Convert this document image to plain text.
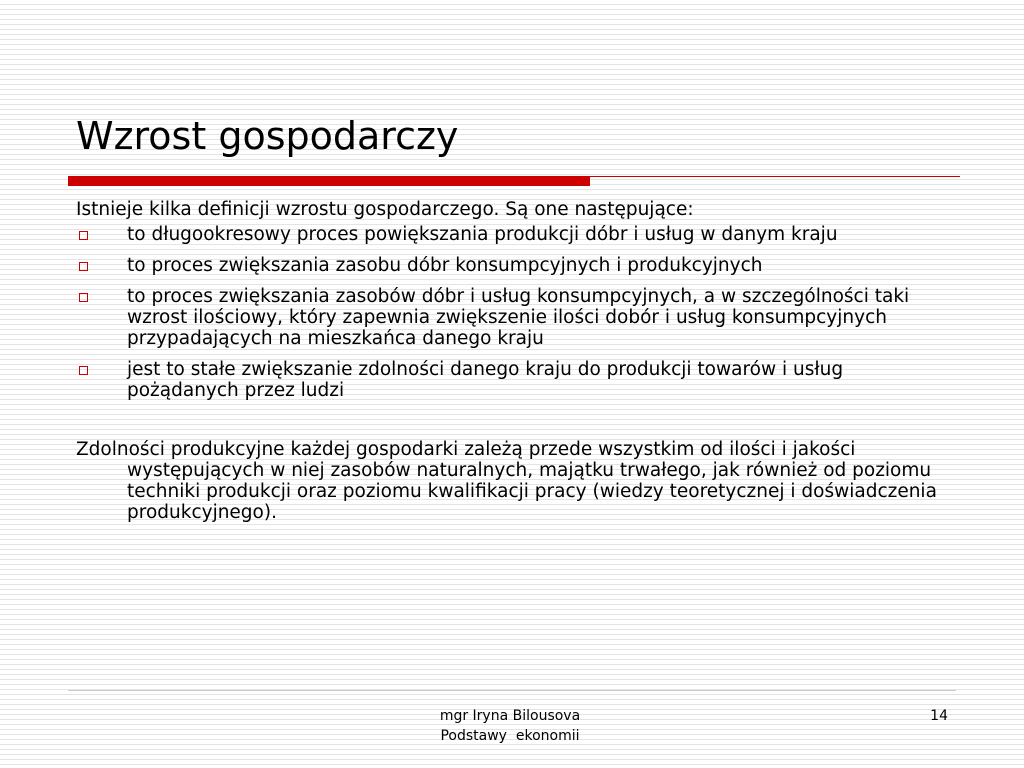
Wzrost gospodarczy

Istnieje kilka definicji wzrostu gospodarczego. Są one następujące:

to długookresowy proces powiększania produkcji dóbr i usług w danym kraju
to proces zwiększania zasobu dóbr konsumpcyjnych i produkcyjnych
to proces zwiększania zasobów dóbr i usług konsumpcyjnych, a w szczególności taki wzrost ilościowy, który zapewnia zwiększenie ilości dobór i usług konsumpcyjnych przypadających na mieszkańca danego kraju
jest to stałe zwiększanie zdolności danego kraju do produkcji towarów i usług pożądanych przez ludzi

Zdolności produkcyjne każdej gospodarki zależą przede wszystkim od ilości i jakości występujących w niej zasobów naturalnych, majątku trwałego, jak również od poziomu techniki produkcji oraz poziomu kwalifikacji pracy (wiedzy teoretycznej i doświadczenia produkcyjnego).

mgr Iryna Bilousova
Podstawy  ekonomii
14
